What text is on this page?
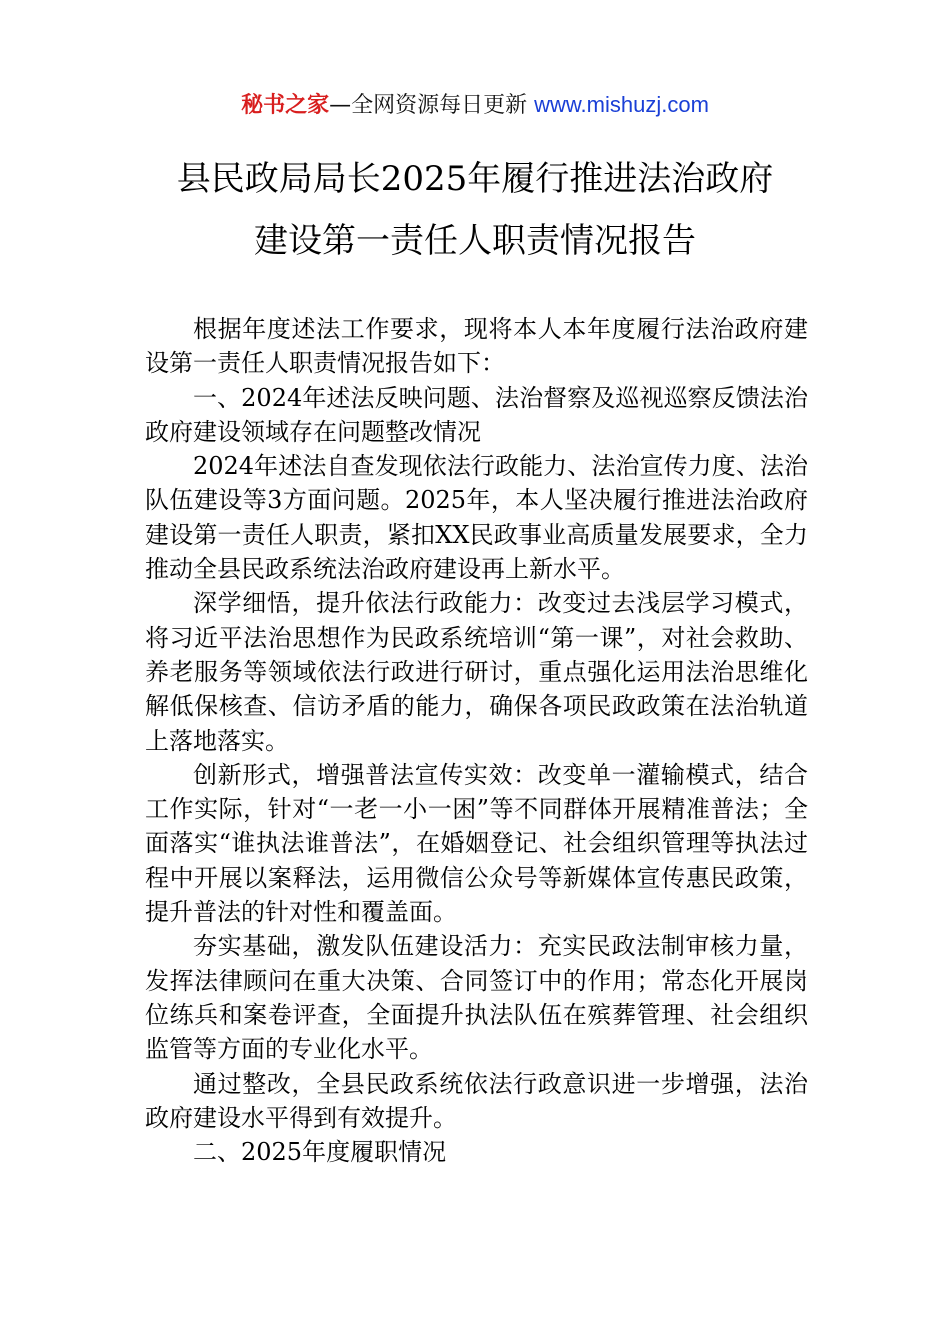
秘书之家—全网资源每日更新 www.mishuzj.com
县民政局局长2025年履行推进法治政府
建设第一责任人职责情况报告

根据年度述法工作要求，现将本人本年度履行法治政府建设第一责任人职责情况报告如下：

一、2024年述法反映问题、法治督察及巡视巡察反馈法治政府建设领域存在问题整改情况

2024年述法自查发现依法行政能力、法治宣传力度、法治队伍建设等3方面问题。2025年，本人坚决履行推进法治政府建设第一责任人职责，紧扣XX民政事业高质量发展要求，全力推动全县民政系统法治政府建设再上新水平。

深学细悟，提升依法行政能力：改变过去浅层学习模式，将习近平法治思想作为民政系统培训“第一课”，对社会救助、养老服务等领域依法行政进行研讨，重点强化运用法治思维化解低保核查、信访矛盾的能力，确保各项民政政策在法治轨道上落地落实。

创新形式，增强普法宣传实效：改变单一灌输模式，结合工作实际，针对“一老一小一困”等不同群体开展精准普法；全面落实“谁执法谁普法”，在婚姻登记、社会组织管理等执法过程中开展以案释法，运用微信公众号等新媒体宣传惠民政策，提升普法的针对性和覆盖面。

夯实基础，激发队伍建设活力：充实民政法制审核力量，发挥法律顾问在重大决策、合同签订中的作用；常态化开展岗位练兵和案卷评查，全面提升执法队伍在殡葬管理、社会组织监管等方面的专业化水平。

通过整改，全县民政系统依法行政意识进一步增强，法治政府建设水平得到有效提升。

二、2025年度履职情况
